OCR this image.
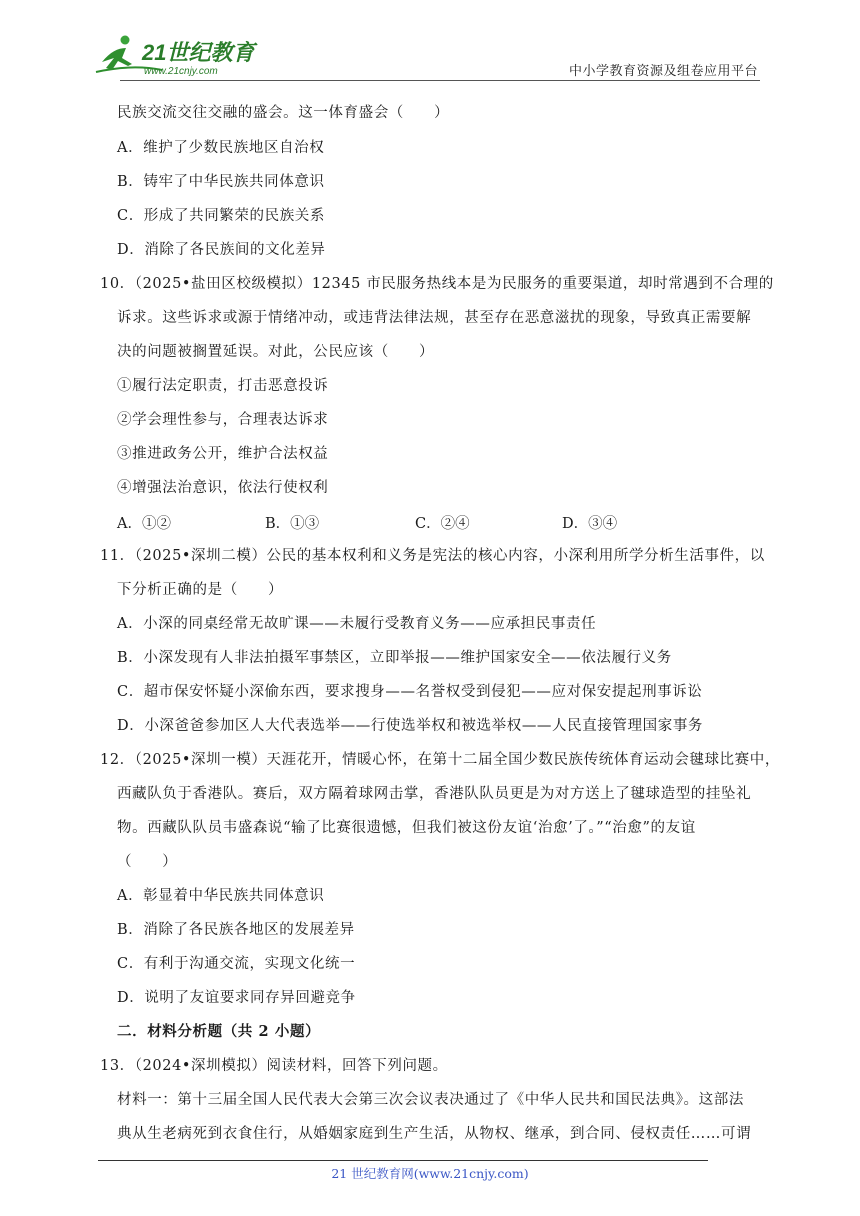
21世纪教育
www.21cnjy.com	中小学教育资源及组卷应用平台
民族交流交往交融的盛会。这一体育盛会（　　）
A．维护了少数民族地区自治权
B．铸牢了中华民族共同体意识
C．形成了共同繁荣的民族关系
D．消除了各民族间的文化差异
10．（2025•盐田区校级模拟）12345 市民服务热线本是为民服务的重要渠道，却时常遇到不合理的
诉求。这些诉求或源于情绪冲动，或违背法律法规，甚至存在恶意滋扰的现象，导致真正需要解
决的问题被搁置延误。对此，公民应该（　　）
①履行法定职责，打击恶意投诉
②学会理性参与，合理表达诉求
③推进政务公开，维护合法权益
④增强法治意识，依法行使权利
A．①②	B．①③	C．②④	D．③④
11．（2025•深圳二模）公民的基本权利和义务是宪法的核心内容，小深利用所学分析生活事件，以
下分析正确的是（　　）
A．小深的同桌经常无故旷课——未履行受教育义务——应承担民事责任
B．小深发现有人非法拍摄军事禁区，立即举报——维护国家安全——依法履行义务
C．超市保安怀疑小深偷东西，要求搜身——名誉权受到侵犯——应对保安提起刑事诉讼
D．小深爸爸参加区人大代表选举——行使选举权和被选举权——人民直接管理国家事务
12．（2025•深圳一模）天涯花开，情暖心怀，在第十二届全国少数民族传统体育运动会毽球比赛中，
西藏队负于香港队。赛后，双方隔着球网击掌，香港队队员更是为对方送上了毽球造型的挂坠礼
物。西藏队队员韦盛森说“输了比赛很遗憾，但我们被这份友谊‘治愈’了。”“治愈”的友谊
（　　）
A．彰显着中华民族共同体意识
B．消除了各民族各地区的发展差异
C．有利于沟通交流，实现文化统一
D．说明了友谊要求同存异回避竞争
二．材料分析题（共 2 小题）
13．（2024•深圳模拟）阅读材料，回答下列问题。
材料一：第十三届全国人民代表大会第三次会议表决通过了《中华人民共和国民法典》。这部法
典从生老病死到衣食住行，从婚姻家庭到生产生活，从物权、继承，到合同、侵权责任……可谓
21 世纪教育网(www.21cnjy.com)
